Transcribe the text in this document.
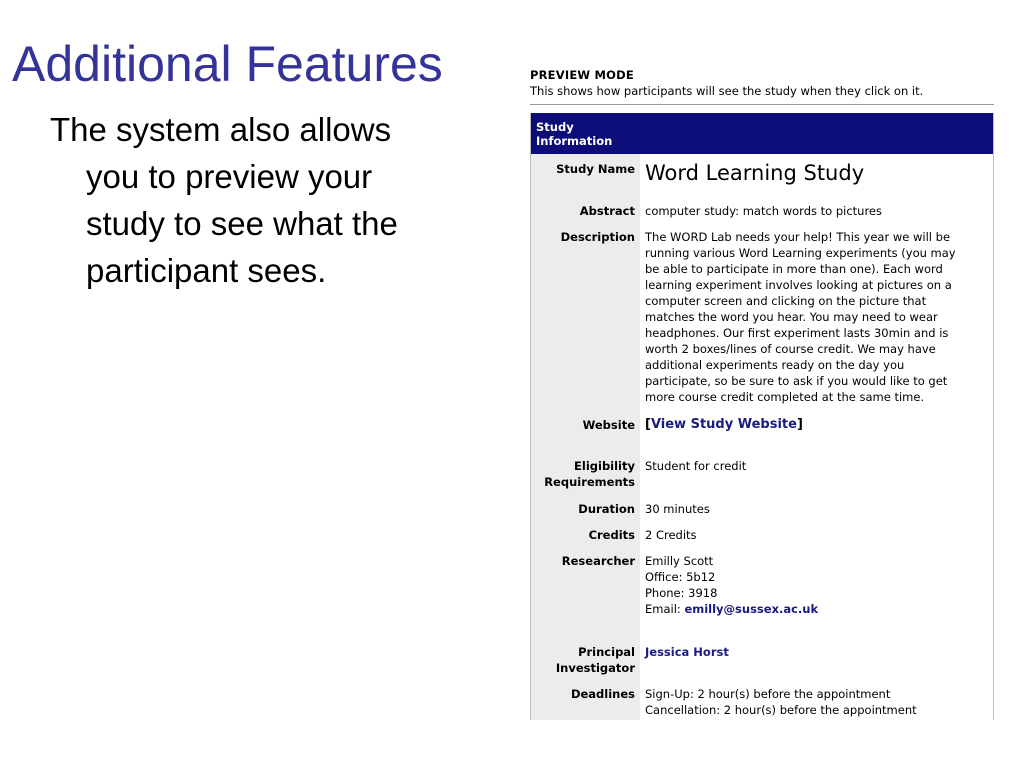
Additional Features

The system also allows
you to preview your
study to see what the
participant sees.

PREVIEW MODE
This shows how participants will see the study when they click on it.
Study
Information
Study Name Word Learning Study
Abstract computer study: match words to pictures
Description The WORD Lab needs your help! This year we will be
running various Word Learning experiments (you may
be able to participate in more than one). Each word
learning experiment involves looking at pictures on a
computer screen and clicking on the picture that
matches the word you hear. You may need to wear
headphones. Our first experiment lasts 30min and is
worth 2 boxes/lines of course credit. We may have
additional experiments ready on the day you
participate, so be sure to ask if you would like to get
more course credit completed at the same time.
Website [View Study Website]
Eligibility Requirements
Student for credit
Duration 30 minutes
Credits 2 Credits
Researcher Emilly Scott
Office: 5b12
Phone: 3918
Email: emilly@sussex.ac.uk
Principal Investigator
Jessica Horst
Deadlines Sign-Up: 2 hour(s) before the appointment
Cancellation: 2 hour(s) before the appointment
